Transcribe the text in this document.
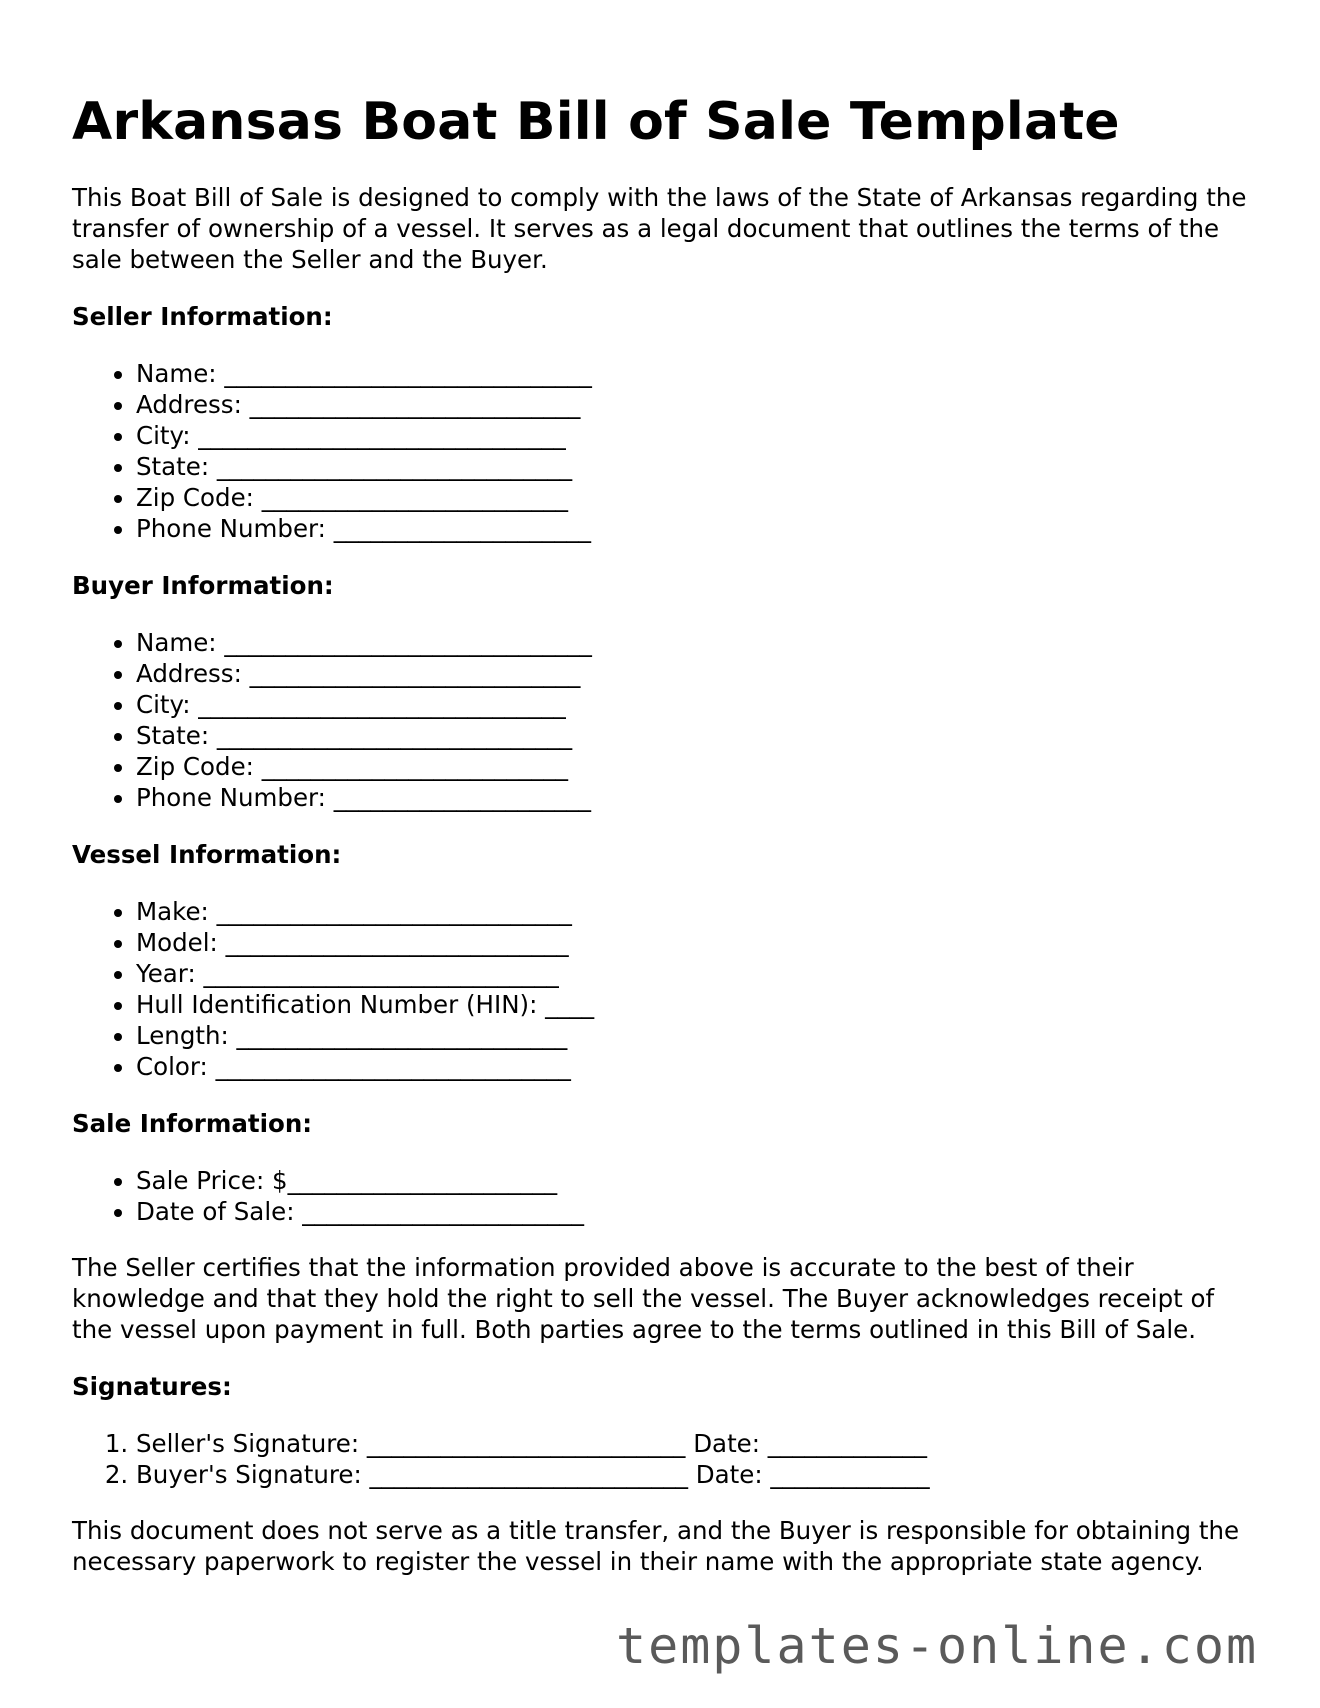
Arkansas Boat Bill of Sale Template

This Boat Bill of Sale is designed to comply with the laws of the State of Arkansas regarding the transfer of ownership of a vessel. It serves as a legal document that outlines the terms of the sale between the Seller and the Buyer.

Seller Information:
• Name: ______________________________
• Address: ___________________________
• City: ______________________________
• State: _____________________________
• Zip Code: _________________________
• Phone Number: _____________________
Buyer Information:
• Name: ______________________________
• Address: ___________________________
• City: ______________________________
• State: _____________________________
• Zip Code: _________________________
• Phone Number: _____________________
Vessel Information:
• Make: _____________________________
• Model: ____________________________
• Year: _____________________________
• Hull Identification Number (HIN): ____
• Length: ___________________________
• Color: _____________________________
Sale Information:
• Sale Price: $______________________
• Date of Sale: _______________________

The Seller certifies that the information provided above is accurate to the best of their knowledge and that they hold the right to sell the vessel. The Buyer acknowledges receipt of the vessel upon payment in full. Both parties agree to the terms outlined in this Bill of Sale.

Signatures:
1. Seller's Signature: __________________________ Date: _____________
2. Buyer's Signature: __________________________ Date: _____________

This document does not serve as a title transfer, and the Buyer is responsible for obtaining the necessary paperwork to register the vessel in their name with the appropriate state agency.

templates-online.com
